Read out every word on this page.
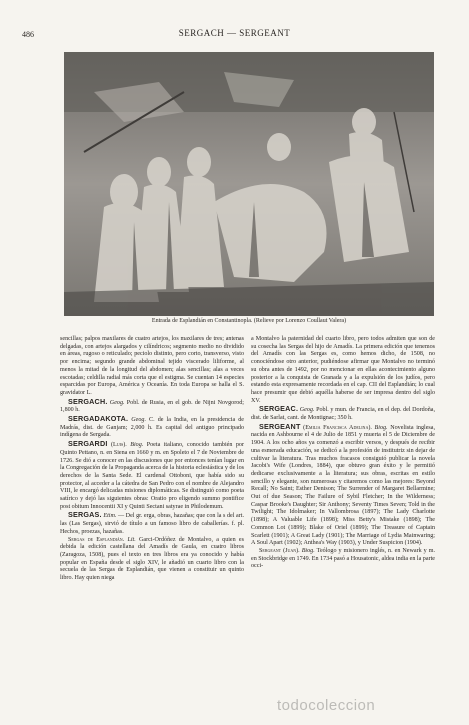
486	SERGACH — SERGEANT
Entrada de Esplandián en Constantinopla. (Relieve por Lorenzo Coullaut Valera)

sencillas; palpos maxilares de cuatro artejos, los maxilares de tres; antenas delgadas, con artejos alargados y cilíndricos; segmento medio no dividido en áreas, rugoso o reticulado; peciolo distinto, pero corto, transverso, visto por encima; segundo grande abdominal tejido viscerado liliforme, al menos la mitad de la longitud del abdomen; alas sencillas; alas a veces escotadas; celdilla radial más corta que el estigma. Se cuentan 14 especies esparcidas por Europa, América y Oceanía. En toda Europa se halla el S. gravidator L.

SERGACH. Geog. Pobl. de Rusia, en el gob. de Nijni Novgorod; 1,800 h.

SERGADAKOTA. Geog. C. de la India, en la presidencia de Madrás, dist. de Ganjam; 2,000 h. Es capital del antiguo principado indígena de Sergada.

SERGARDI (Luis). Biog. Poeta italiano, conocido también por Quinto Pettano, n. en Siena en 1660 y m. en Spoleto el 7 de Noviembre de 1726. Se dió a conocer en las discusiones que por entonces tenían lugar en la Congregación de la Propaganda acerca de la historia eclesiástica y de los derechos de la Santa Sede. El cardenal Ottoboni, que había sido su protector, al acceder a la cátedra de San Pedro con el nombre de Alejandro VIII, le encargó delicadas misiones diplomáticas. Se distinguió como poeta satírico y dejó las siguientes obras: Oratio pro eligendo summo pontifice post obitum Innocentii XI y Quinti Sectani satyrae in Philodemum.

SERGAS. Etim. — Del gr. erga, obras, hazañas; que con la s del art. las (Las Sergas), sirvió de título a un famoso libro de caballerías. f. pl. Hechos, proezas, hazañas.

Sergas de Esplandián. Lit. Garci-Ordóñez de Montalvo, a quien es debida la edición castellana del Amadís de Gaula, en cuatro libros (Zaragoza, 1508), pues el texto en tres libros era ya conocido y había popular en España desde el siglo XIV, le añadió un cuarto libro con la secuela de las Sergas de Esplandián, que vienen a constituir un quinto libro. Hay quien niega

a Montalvo la paternidad del cuarto libro, pero todos admiten que son de su cosecha las Sergas del hijo de Amadís. La primera edición que tenemos del Amadís con las Sergas es, como hemos dicho, de 1508, no conociéndose otro anterior, pudiéndose afirmar que Montalvo no terminó su obra antes de 1492, por no mencionar en ellas acontecimiento alguno posterior a la conquista de Granada y a la expulsión de los judíos, pero estando esta expresamente recordada en el cap. CII del Esplandián; lo cual hace presumir que debió aquélla haberse de ser impresa dentro del siglo XV.

SERGEAC. Geog. Pobl. y mun. de Francia, en el dep. del Dordoña, dist. de Sarlat, cant. de Montignac; 350 h.

SERGEANT (Emilia Francisca Adelina). Biog. Novelista inglesa, nacida en Ashbourne el 4 de Julio de 1851 y muerta el 5 de Diciembre de 1904. A los ocho años ya comenzó a escribir versos, y después de recibir una esmerada educación, se dedicó a la profesión de institutriz sin dejar de cultivar la literatura. Tras muchos fracasos consiguió publicar la novela Jacobi's Wife (Londres, 1884), que obtuvo gran éxito y le permitió dedicarse exclusivamente a la literatura; sus obras, escritas en estilo sencillo y elegante, son numerosas y citaremos como las mejores: Beyond Recall; No Saint; Esther Denison; The Surrender of Margaret Bellarmine; Out of due Season; The Failure of Sybil Fletcher; In the Wilderness; Caspar Brooke's Daughter; Sir Anthony; Seventy Times Seven; Told in the Twilight; The Idolmaker; In Vallombrosa (1897); The Lady Charlotte (1898); A Valuable Life (1898); Miss Betty's Mistake (1898); The Common Lot (1899); Blake of Oriel (1899); The Treasure of Captain Scarlett (1901); A Great Lady (1901); The Marriage of Lydia Mainwaring; A Soul Apart (1902); Anthea's Way (1903), y Under Suspicion (1904).

Sergeant (Juan). Biog. Teólogo y misionero inglés, n. en Newark y m. en Stockbridge en 1749. En 1734 pasó a Housatonic, aldea india en la parte occi-

todocoleccion
